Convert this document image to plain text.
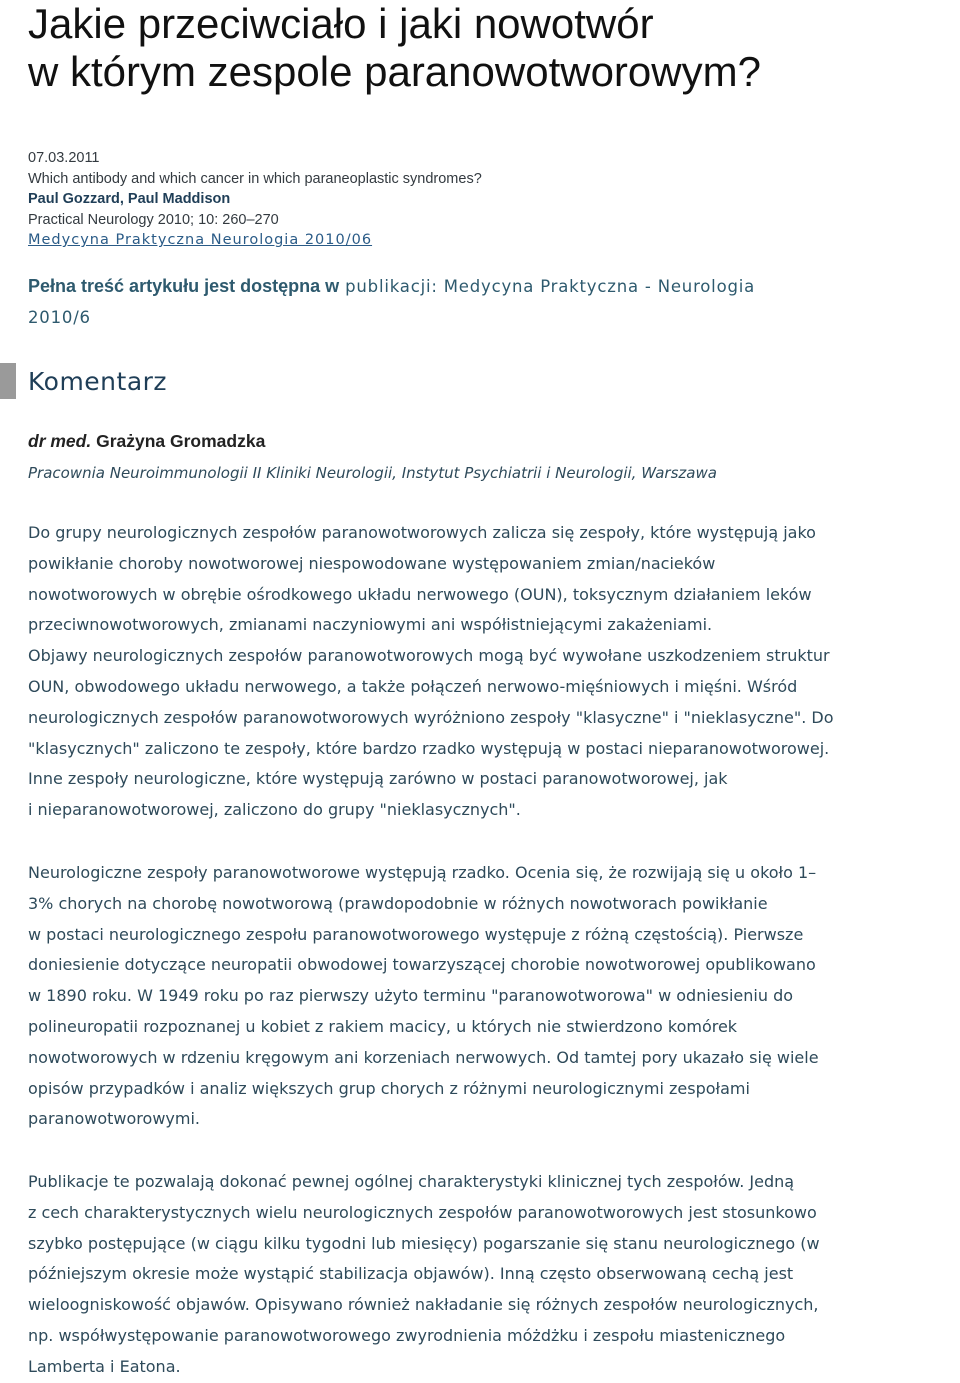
Jakie przeciwciało i jaki nowotwór
w którym zespole paranowotworowym?
07.03.2011
Which antibody and which cancer in which paraneoplastic syndromes?
Paul Gozzard, Paul Maddison
Practical Neurology 2010; 10: 260–270
Medycyna Praktyczna Neurologia 2010/06
Pełna treść artykułu jest dostępna w publikacji: Medycyna Praktyczna - Neurologia
2010/6
Komentarz
dr med. Grażyna Gromadzka
Pracownia Neuroimmunologii II Kliniki Neurologii, Instytut Psychiatrii i Neurologii, Warszawa

Do grupy neurologicznych zespołów paranowotworowych zalicza się zespoły, które występują jako
powikłanie choroby nowotworowej niespowodowane występowaniem zmian/nacieków
nowotworowych w obrębie ośrodkowego układu nerwowego (OUN), toksycznym działaniem leków
przeciwnowotworowych, zmianami naczyniowymi ani współistniejącymi zakażeniami.
Objawy neurologicznych zespołów paranowotworowych mogą być wywołane uszkodzeniem struktur
OUN, obwodowego układu nerwowego, a także połączeń nerwowo-mięśniowych i mięśni. Wśród
neurologicznych zespołów paranowotworowych wyróżniono zespoły "klasyczne" i "nieklasyczne". Do
"klasycznych" zaliczono te zespoły, które bardzo rzadko występują w postaci nieparanowotworowej.
Inne zespoły neurologiczne, które występują zarówno w postaci paranowotworowej, jak
i nieparanowotworowej, zaliczono do grupy "nieklasycznych".

Neurologiczne zespoły paranowotworowe występują rzadko. Ocenia się, że rozwijają się u około 1–
3% chorych na chorobę nowotworową (prawdopodobnie w różnych nowotworach powikłanie
w postaci neurologicznego zespołu paranowotworowego występuje z różną częstością). Pierwsze
doniesienie dotyczące neuropatii obwodowej towarzyszącej chorobie nowotworowej opublikowano
w 1890 roku. W 1949 roku po raz pierwszy użyto terminu "paranowotworowa" w odniesieniu do
polineuropatii rozpoznanej u kobiet z rakiem macicy, u których nie stwierdzono komórek
nowotworowych w rdzeniu kręgowym ani korzeniach nerwowych. Od tamtej pory ukazało się wiele
opisów przypadków i analiz większych grup chorych z różnymi neurologicznymi zespołami
paranowotworowymi.

Publikacje te pozwalają dokonać pewnej ogólnej charakterystyki klinicznej tych zespołów. Jedną
z cech charakterystycznych wielu neurologicznych zespołów paranowotworowych jest stosunkowo
szybko postępujące (w ciągu kilku tygodni lub miesięcy) pogarszanie się stanu neurologicznego (w
późniejszym okresie może wystąpić stabilizacja objawów). Inną często obserwowaną cechą jest
wieloogniskowość objawów. Opisywano również nakładanie się różnych zespołów neurologicznych,
np. współwystępowanie paranowotworowego zwyrodnienia móżdżku i zespołu miastenicznego
Lamberta i Eatona.
